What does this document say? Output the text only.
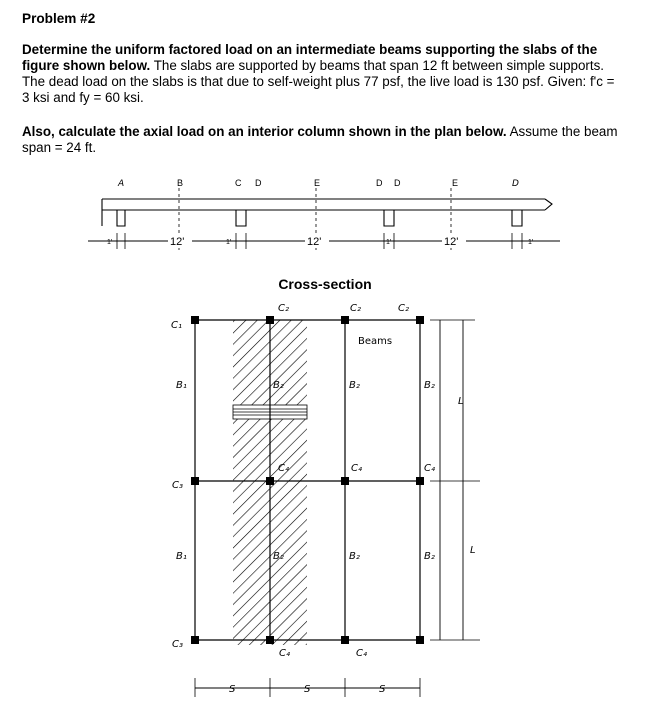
Problem #2
Determine the uniform factored load on an intermediate beams supporting the slabs of the figure shown below. The slabs are supported by beams that span 12 ft between simple supports. The dead load on the slabs is that due to self-weight plus 77 psf, the live load is 130 psf. Given: f'c = 3 ksi and fy = 60 ksi.
Also, calculate the axial load on an interior column shown in the plan below. Assume the beam span = 24 ft.
A	B	C D	E	D D	E	D
12'	12'	12'
1'	1'	1'	1'
Cross-section
C₁
C₂	C₂	C₂
C₃
C₃
C₄	C₄	C₄
C₄	C₄
B₁
B₁
B₂	B₂	B₂
B₂	B₂	B₂
Beams
S	S	S
L
L
